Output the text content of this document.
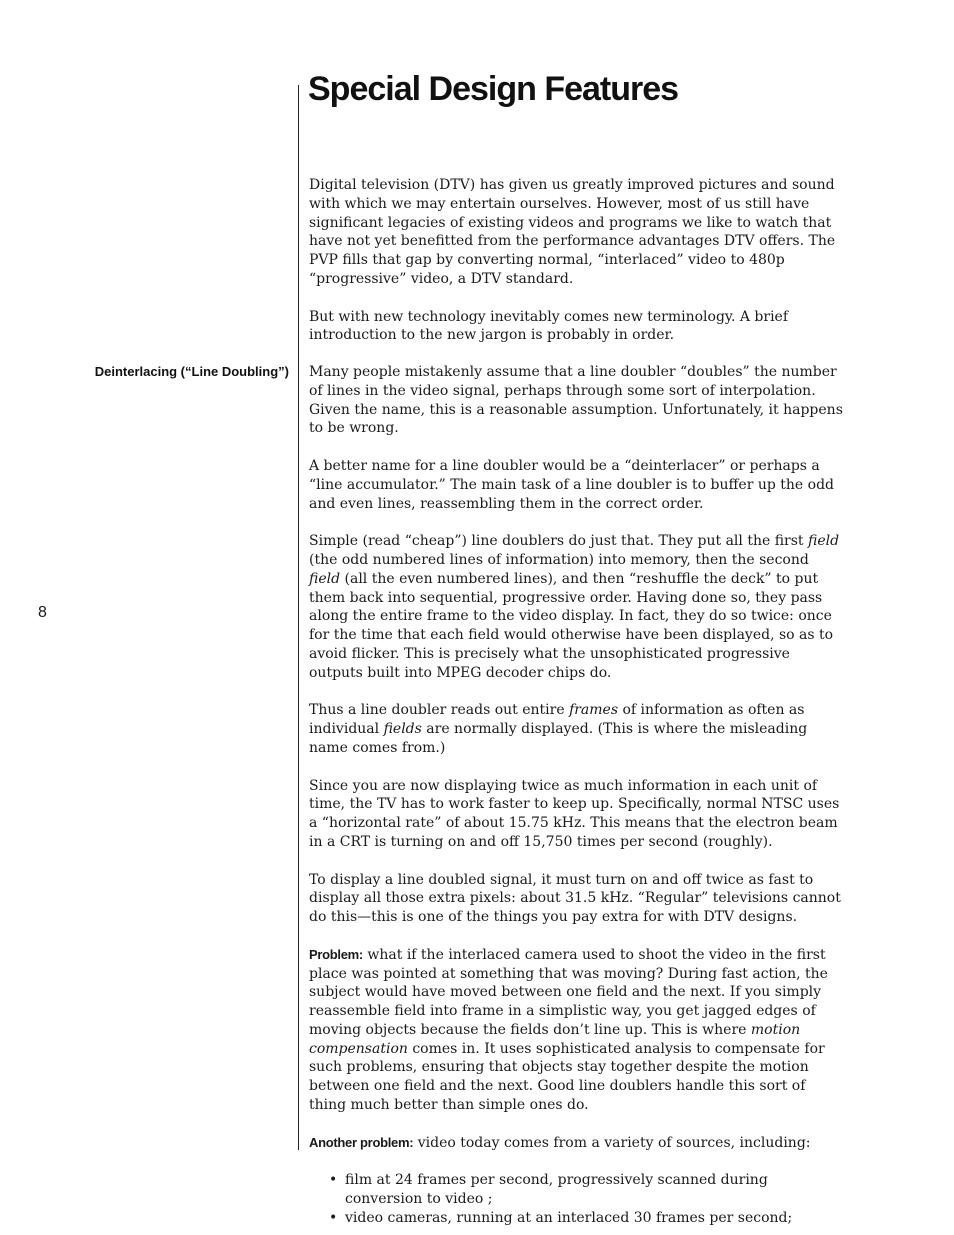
Special Design Features
Deinterlacing (“Line Doubling”)
8

Digital television (DTV) has given us greatly improved pictures and sound with which we may entertain ourselves. However, most of us still have significant legacies of existing videos and programs we like to watch that have not yet benefitted from the performance advantages DTV offers. The PVP fills that gap by converting normal, “interlaced” video to 480p “progressive” video, a DTV standard.

But with new technology inevitably comes new terminology. A brief introduction to the new jargon is probably in order.

Many people mistakenly assume that a line doubler “doubles” the number of lines in the video signal, perhaps through some sort of interpolation. Given the name, this is a reasonable assumption. Unfortunately, it happens to be wrong.

A better name for a line doubler would be a “deinterlacer” or perhaps a “line accumulator.” The main task of a line doubler is to buffer up the odd and even lines, reassembling them in the correct order.

Simple (read “cheap”) line doublers do just that. They put all the first field (the odd numbered lines of information) into memory, then the second field (all the even numbered lines), and then “reshuffle the deck” to put them back into sequential, progressive order. Having done so, they pass along the entire frame to the video display. In fact, they do so twice: once for the time that each field would otherwise have been displayed, so as to avoid flicker. This is precisely what the unsophisticated progressive outputs built into MPEG decoder chips do.

Thus a line doubler reads out entire frames of information as often as individual fields are normally displayed. (This is where the misleading name comes from.)

Since you are now displaying twice as much information in each unit of time, the TV has to work faster to keep up. Specifically, normal NTSC uses a “horizontal rate” of about 15.75 kHz. This means that the electron beam in a CRT is turning on and off 15,750 times per second (roughly).

To display a line doubled signal, it must turn on and off twice as fast to display all those extra pixels: about 31.5 kHz. “Regular” televisions cannot do this—this is one of the things you pay extra for with DTV designs.

Problem: what if the interlaced camera used to shoot the video in the first place was pointed at something that was moving? During fast action, the subject would have moved between one field and the next. If you simply reassemble field into frame in a simplistic way, you get jagged edges of moving objects because the fields don’t line up. This is where motion compensation comes in. It uses sophisticated analysis to compensate for such problems, ensuring that objects stay together despite the motion between one field and the next. Good line doublers handle this sort of thing much better than simple ones do.

Another problem: video today comes from a variety of sources, including:

• film at 24 frames per second, progressively scanned during conversion to video ;
• video cameras, running at an interlaced 30 frames per second;
